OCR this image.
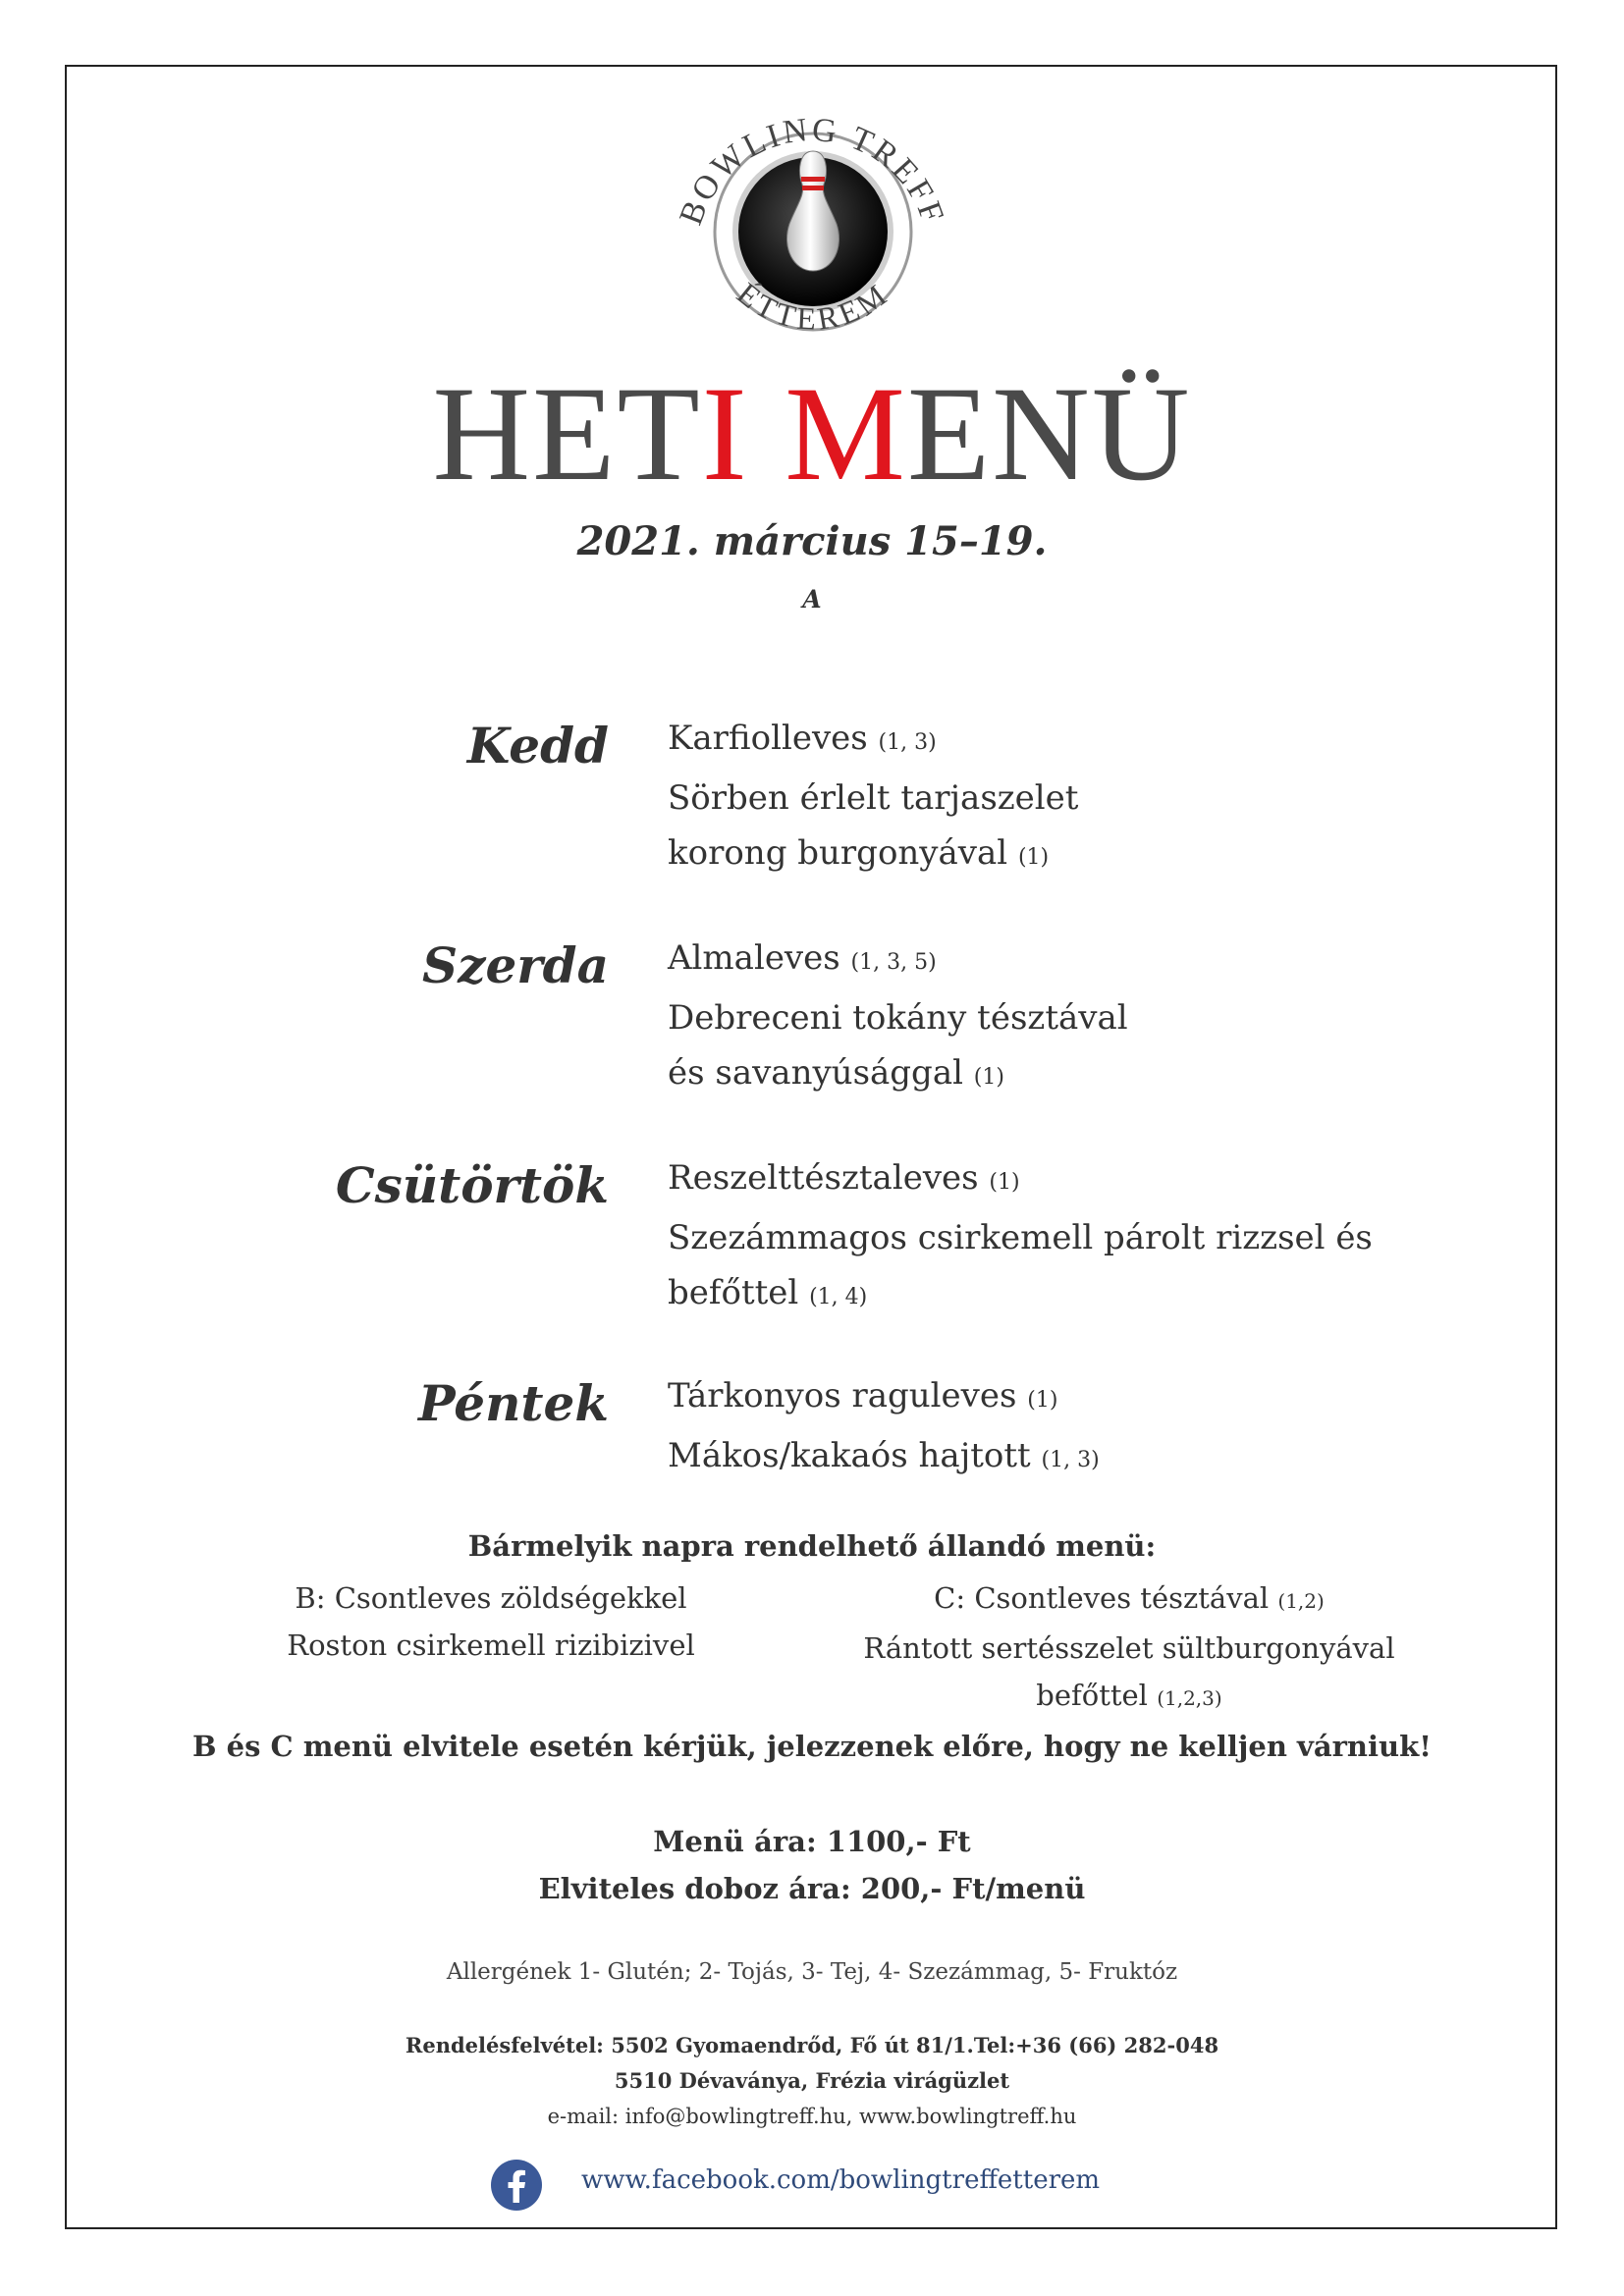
BOWLING TREFF
ÉTTEREM
HETI MENÜ
2021. március 15–19.
A
Kedd Karfiolleves (1, 3)
Sörben érlelt tarjaszelet
korong burgonyával (1)
Szerda Almaleves (1, 3, 5)
Debreceni tokány tésztával
és savanyúsággal (1)
Csütörtök Reszelttésztaleves (1)
Szezámmagos csirkemell párolt rizzsel és
befőttel (1, 4)
Péntek Tárkonyos raguleves (1)
Mákos/kakaós hajtott (1, 3)
Bármelyik napra rendelhető állandó menü:
B: Csontleves zöldségekkel
Roston csirkemell rizibizivel
C: Csontleves tésztával (1,2)
Rántott sertésszelet sültburgonyával
befőttel (1,2,3)
B és C menü elvitele esetén kérjük, jelezzenek előre, hogy ne kelljen várniuk!
Menü ára: 1100,- Ft
Elviteles doboz ára: 200,- Ft/menü
Allergének 1- Glutén; 2- Tojás, 3- Tej, 4- Szezámmag, 5- Fruktóz
Rendelésfelvétel: 5502 Gyomaendrőd, Fő út 81/1.Tel:+36 (66) 282-048
5510 Dévaványa, Frézia virágüzlet
e-mail: info@bowlingtreff.hu, www.bowlingtreff.hu
www.facebook.com/bowlingtreffetterem
